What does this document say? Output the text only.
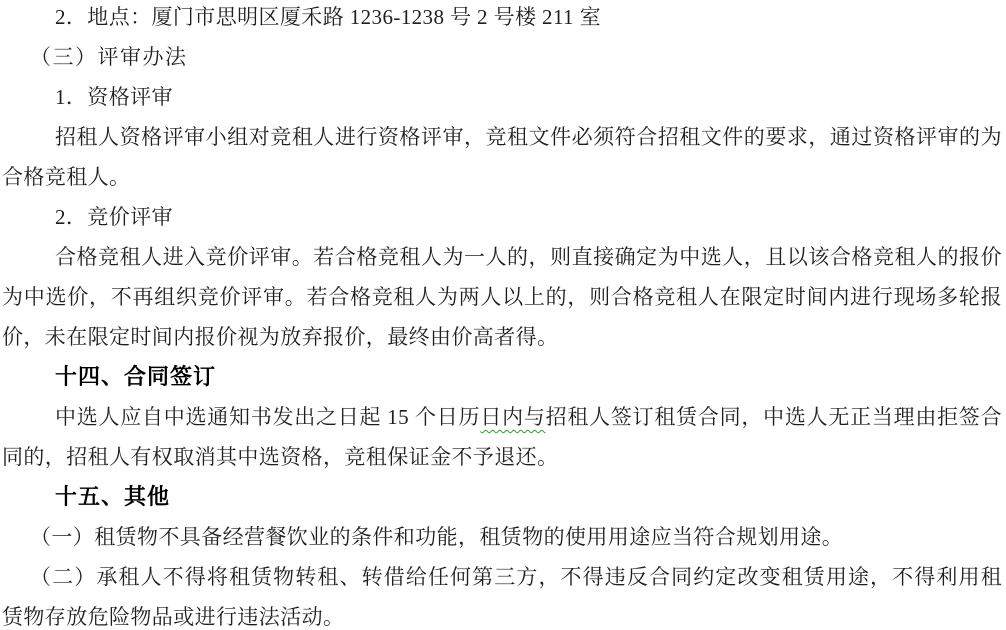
2．地点：厦门市思明区厦禾路 1236-1238 号 2 号楼 211 室
（三）评审办法
1．资格评审
招租人资格评审小组对竞租人进行资格评审，竞租文件必须符合招租文件的要求，通过资格评审的为
合格竞租人。
2．竞价评审
合格竞租人进入竞价评审。若合格竞租人为一人的，则直接确定为中选人，且以该合格竞租人的报价
为中选价，不再组织竞价评审。若合格竞租人为两人以上的，则合格竞租人在限定时间内进行现场多轮报
价，未在限定时间内报价视为放弃报价，最终由价高者得。
十四、合同签订
中选人应自中选通知书发出之日起 15 个日历日内与招租人签订租赁合同，中选人无正当理由拒签合
同的，招租人有权取消其中选资格，竞租保证金不予退还。
十五、其他
（一）租赁物不具备经营餐饮业的条件和功能，租赁物的使用用途应当符合规划用途。
（二）承租人不得将租赁物转租、转借给任何第三方，不得违反合同约定改变租赁用途，不得利用租
赁物存放危险物品或进行违法活动。
